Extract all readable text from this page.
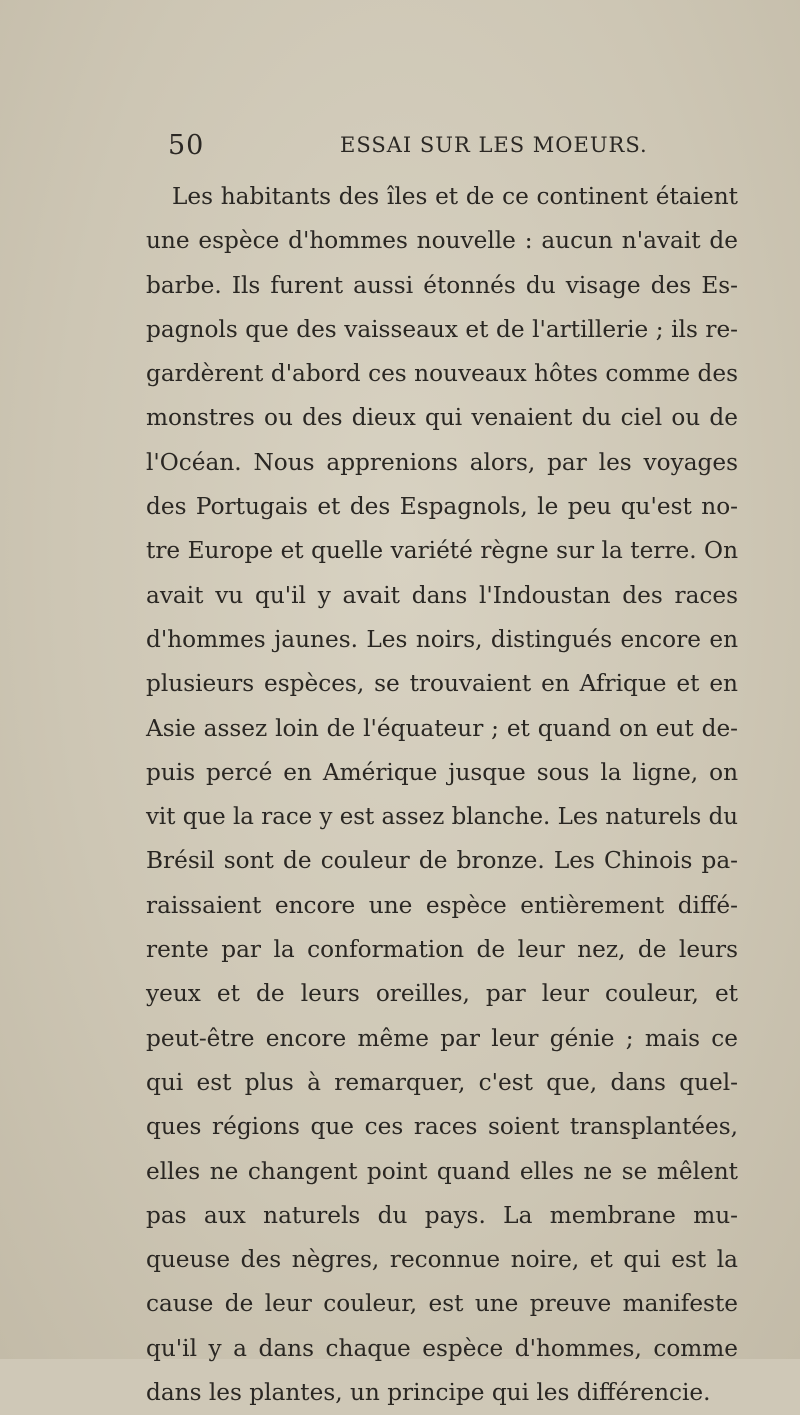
50	ESSAI SUR LES MOEURS.
Les habitants des îles et de ce continent étaient
une espèce d'hommes nouvelle : aucun n'avait de
barbe. Ils furent aussi étonnés du visage des Es-
pagnols que des vaisseaux et de l'artillerie ; ils re-
gardèrent d'abord ces nouveaux hôtes comme des
monstres ou des dieux qui venaient du ciel ou de
l'Océan. Nous apprenions alors, par les voyages
des Portugais et des Espagnols, le peu qu'est no-
tre Europe et quelle variété règne sur la terre. On
avait vu qu'il y avait dans l'Indoustan des races
d'hommes jaunes. Les noirs, distingués encore en
plusieurs espèces, se trouvaient en Afrique et en
Asie assez loin de l'équateur ; et quand on eut de-
puis percé en Amérique jusque sous la ligne, on
vit que la race y est assez blanche. Les naturels du
Brésil sont de couleur de bronze. Les Chinois pa-
raissaient encore une espèce entièrement diffé-
rente par la conformation de leur nez, de leurs
yeux et de leurs oreilles, par leur couleur, et
peut-être encore même par leur génie ; mais ce
qui est plus à remarquer, c'est que, dans quel-
ques régions que ces races soient transplantées,
elles ne changent point quand elles ne se mêlent
pas aux naturels du pays. La membrane mu-
queuse des nègres, reconnue noire, et qui est la
cause de leur couleur, est une preuve manifeste
qu'il y a dans chaque espèce d'hommes, comme
dans les plantes, un principe qui les différencie.
